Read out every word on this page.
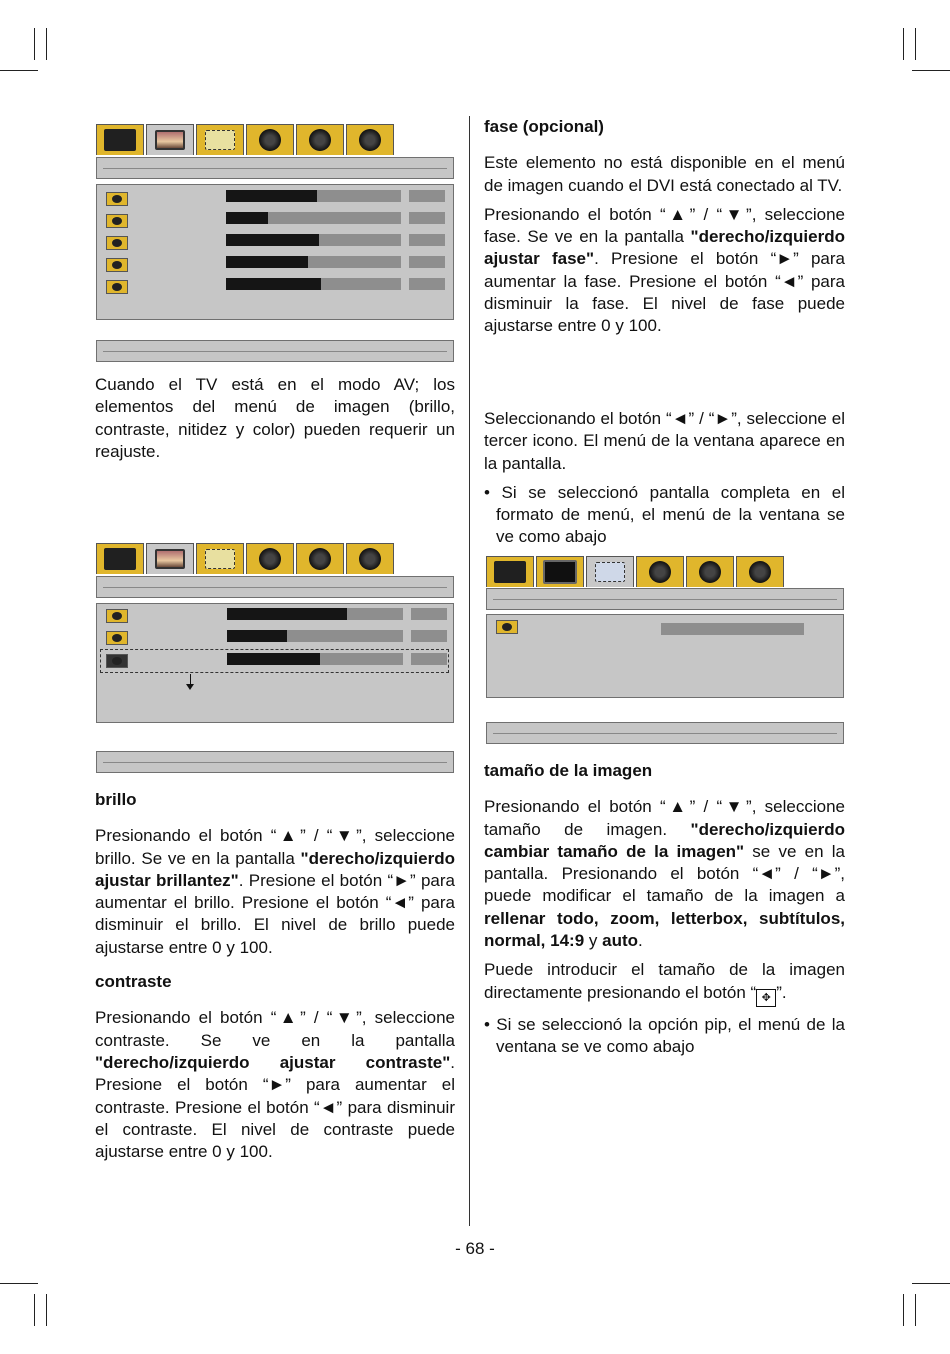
Cuando el TV está en el modo AV; los elementos del menú de imagen (brillo, contraste, nitidez y color) pueden requerir un reajuste.

brillo

Presionando el botón “▲” / “▼”, seleccione brillo. Se ve en la pantalla "derecho/izquierdo ajustar brillantez". Presione el botón “►” para aumentar el brillo. Presione el botón “◄” para disminuir el brillo. El nivel de brillo puede ajustarse entre 0 y 100.

contraste

Presionando el botón “▲” / “▼”, seleccione contraste. Se ve en la pantalla "derecho/izquierdo ajustar contraste". Presione el botón “►” para aumentar el contraste. Presione el botón “◄” para disminuir el contraste. El nivel de contraste puede ajustarse entre 0 y 100.

fase (opcional)

Este elemento no está disponible en el menú de imagen cuando el DVI está conectado al TV.

Presionando el botón “▲” / “▼”, seleccione fase. Se ve en la pantalla "derecho/izquierdo ajustar fase". Presione el botón “►” para aumentar la fase. Presione el botón “◄” para disminuir la fase. El nivel de fase puede ajustarse entre 0 y 100.

Seleccionando el botón “◄” / “►”, seleccione el tercer icono. El menú de la ventana aparece en la pantalla.

• Si se seleccionó pantalla completa en el formato de menú, el menú de la ventana se ve como abajo

tamaño de la imagen

Presionando el botón “▲” / “▼”, seleccione tamaño de imagen. "derecho/izquierdo cambiar tamaño de la imagen" se ve en la pantalla. Presionando el botón “◄” / “►”, puede modificar el tamaño de la imagen a rellenar todo, zoom, letterbox, subtítulos, normal, 14:9 y auto.

Puede introducir el tamaño de la imagen directamente presionando el botón “ ✥ ”.

• Si se seleccionó la opción pip, el menú de la ventana se ve como abajo

- 68 -
